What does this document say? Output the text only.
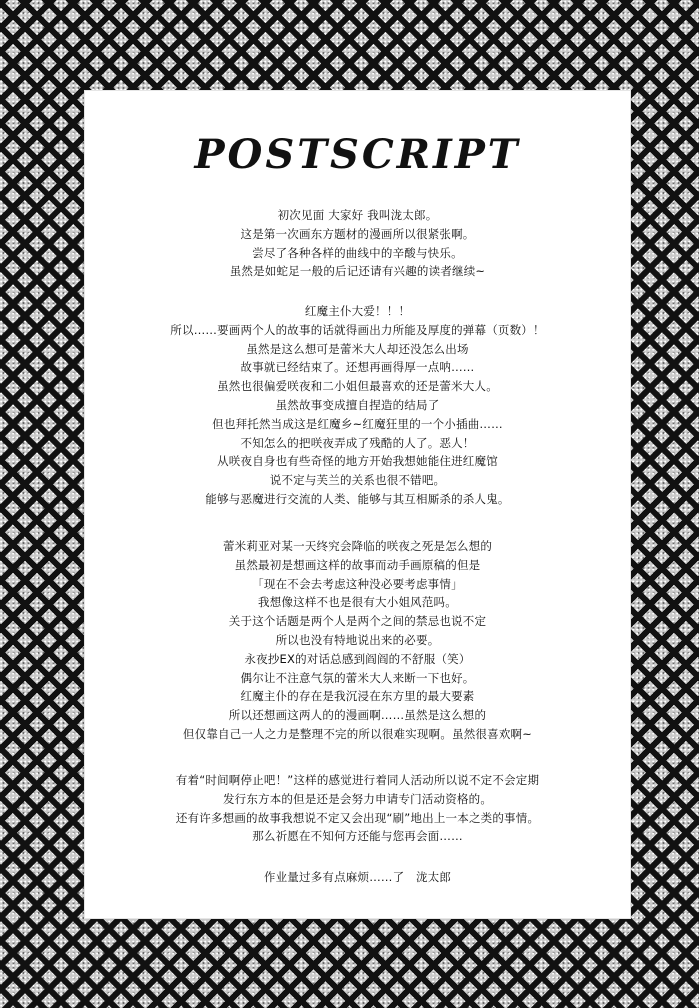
POSTSCRIPT
初次见面 大家好 我叫泷太郎。
这是第一次画东方题材的漫画所以很紧张啊。
尝尽了各种各样的曲线中的辛酸与快乐。
虽然是如蛇足一般的后记还请有兴趣的读者继续~
红魔主仆大爱！！！
所以……要画两个人的故事的话就得画出力所能及厚度的弹幕（页数）！
虽然是这么想可是蕾米大人却还没怎么出场
故事就已经结束了。还想再画得厚一点呐……
虽然也很偏爱咲夜和二小姐但最喜欢的还是蕾米大人。
虽然故事变成擅自捏造的结局了
但也拜托然当成这是红魔乡~红魔狂里的一个小插曲……
不知怎么的把咲夜弄成了残酷的人了。恶人！
从咲夜自身也有些奇怪的地方开始我想她能住进红魔馆
说不定与芙兰的关系也很不错吧。
能够与恶魔进行交流的人类、能够与其互相厮杀的杀人鬼。
蕾米莉亚对某一天终究会降临的咲夜之死是怎么想的
虽然最初是想画这样的故事而动手画原稿的但是
「现在不会去考虑这种没必要考虑事情」
我想像这样不也是很有大小姐风范吗。
关于这个话题是两个人是两个之间的禁忌也说不定
所以也没有特地说出来的必要。
永夜抄EX的对话总感到阎阎的不舒服（笑）
偶尔让不注意气氛的蕾米大人来断一下也好。
红魔主仆的存在是我沉浸在东方里的最大要素
所以还想画这两人的的漫画啊……虽然是这么想的
但仅靠自己一人之力是整理不完的所以很难实现啊。虽然很喜欢啊~
有着“时间啊停止吧！”这样的感觉进行着同人活动所以说不定不会定期
发行东方本的但是还是会努力申请专门活动资格的。
还有许多想画的故事我想说不定又会出现“刷”地出上一本之类的事情。
那么祈愿在不知何方还能与您再会面……
作业量过多有点麻烦……了　泷太郎
